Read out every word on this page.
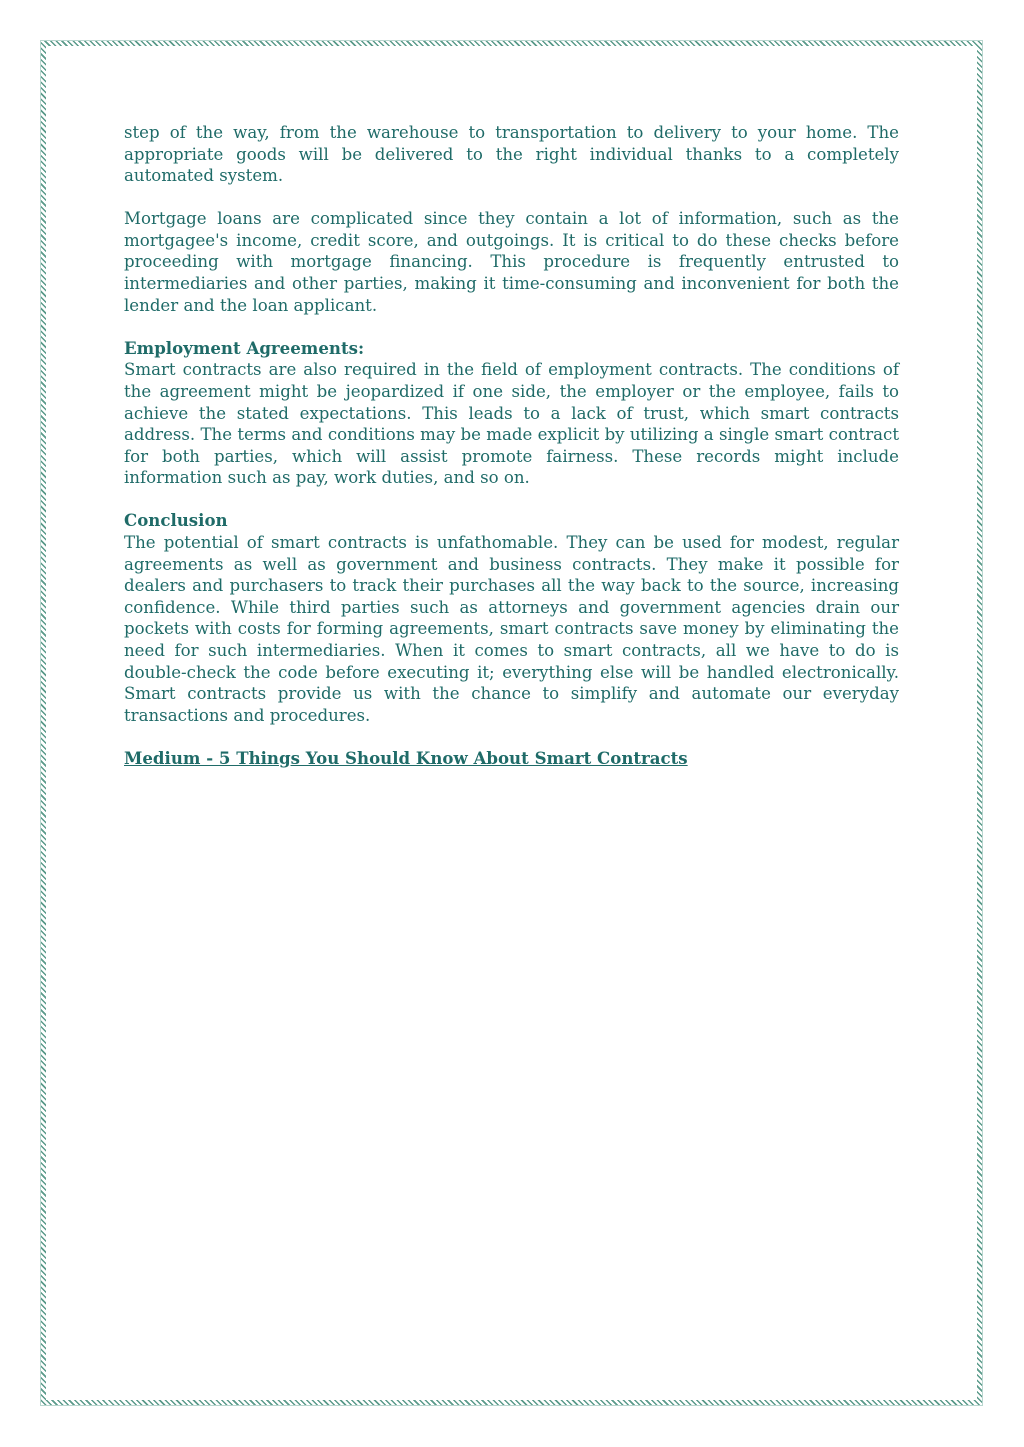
step of the way, from the warehouse to transportation to delivery to your home. The appropriate goods will be delivered to the right individual thanks to a completely automated system.

Mortgage loans are complicated since they contain a lot of information, such as the mortgagee's income, credit score, and outgoings. It is critical to do these checks before proceeding with mortgage financing. This procedure is frequently entrusted to intermediaries and other parties, making it time-consuming and inconvenient for both the lender and the loan applicant.

Employment Agreements:

Smart contracts are also required in the field of employment contracts. The conditions of the agreement might be jeopardized if one side, the employer or the employee, fails to achieve the stated expectations. This leads to a lack of trust, which smart contracts address. The terms and conditions may be made explicit by utilizing a single smart contract for both parties, which will assist promote fairness. These records might include information such as pay, work duties, and so on.

Conclusion

The potential of smart contracts is unfathomable. They can be used for modest, regular agreements as well as government and business contracts. They make it possible for dealers and purchasers to track their purchases all the way back to the source, increasing confidence. While third parties such as attorneys and government agencies drain our pockets with costs for forming agreements, smart contracts save money by eliminating the need for such intermediaries. When it comes to smart contracts, all we have to do is double-check the code before executing it; everything else will be handled electronically. Smart contracts provide us with the chance to simplify and automate our everyday transactions and procedures.

Medium - 5 Things You Should Know About Smart Contracts
